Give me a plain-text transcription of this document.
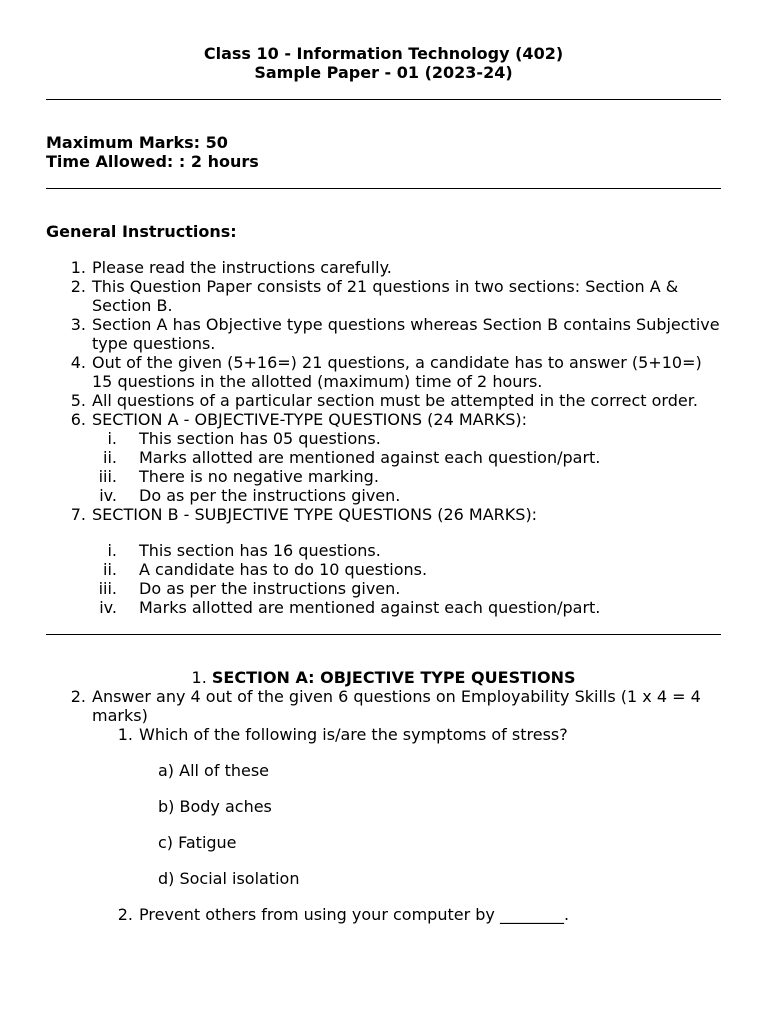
Class 10 - Information Technology (402)
Sample Paper - 01 (2023-24)
Maximum Marks: 50
Time Allowed: : 2 hours
General Instructions:
1. Please read the instructions carefully.
2. This Question Paper consists of 21 questions in two sections: Section A & Section B.
3. Section A has Objective type questions whereas Section B contains Subjective type questions.
4. Out of the given (5+16=) 21 questions, a candidate has to answer (5+10=) 15 questions in the allotted (maximum) time of 2 hours.
5. All questions of a particular section must be attempted in the correct order.
6. SECTION A - OBJECTIVE-TYPE QUESTIONS (24 MARKS):
i. This section has 05 questions.
ii. Marks allotted are mentioned against each question/part.
iii. There is no negative marking.
iv. Do as per the instructions given.
7. SECTION B - SUBJECTIVE TYPE QUESTIONS (26 MARKS):
i. This section has 16 questions.
ii. A candidate has to do 10 questions.
iii. Do as per the instructions given.
iv. Marks allotted are mentioned against each question/part.
1. SECTION A: OBJECTIVE TYPE QUESTIONS
2. Answer any 4 out of the given 6 questions on Employability Skills (1 x 4 = 4 marks)
1. Which of the following is/are the symptoms of stress?
a) All of these
b) Body aches
c) Fatigue
d) Social isolation
2. Prevent others from using your computer by ________.
